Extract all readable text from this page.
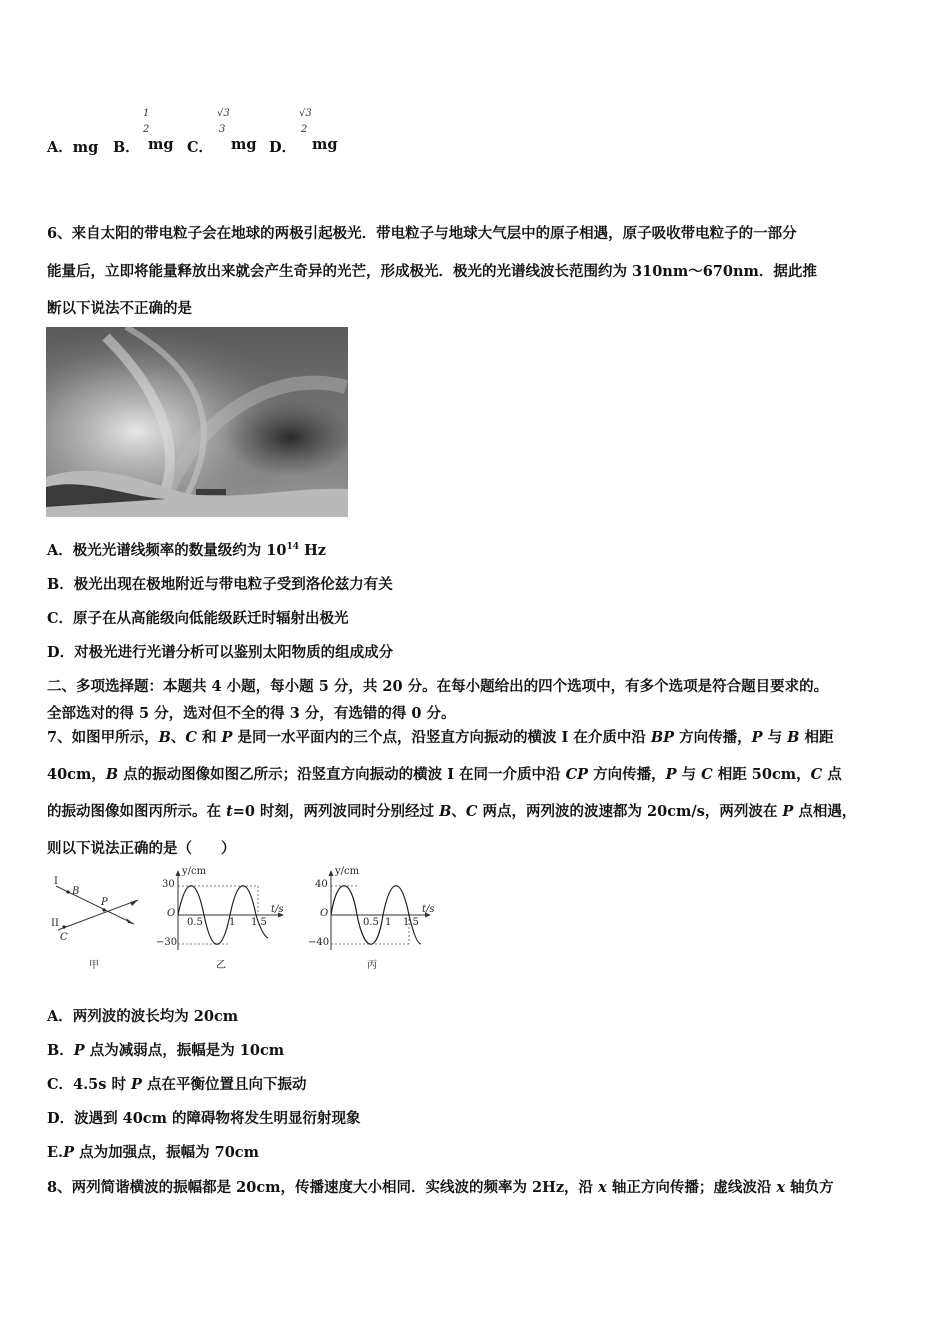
A．mg B．
1
2
mg C．
√3
3
mg D．
√3
2
mg
6、来自太阳的带电粒子会在地球的两极引起极光．带电粒子与地球大气层中的原子相遇，原子吸收带电粒子的一部分
能量后，立即将能量释放出来就会产生奇异的光芒，形成极光．极光的光谱线波长范围约为 310nm～670nm．据此推
断以下说法不正确的是
A．极光光谱线频率的数量级约为 $10^{14}$ Hz
B．极光出现在极地附近与带电粒子受到洛伦兹力有关
C．原子在从高能级向低能级跃迁时辐射出极光
D．对极光进行光谱分析可以鉴别太阳物质的组成成分
二、多项选择题：本题共 4 小题，每小题 5 分，共 20 分。在每小题给出的四个选项中，有多个选项是符合题目要求的。
全部选对的得 5 分，选对但不全的得 3 分，有选错的得 0 分。
7、如图甲所示，B、C 和 P 是同一水平面内的三个点，沿竖直方向振动的横波 I 在介质中沿 BP 方向传播，P 与 B 相距
40cm，B 点的振动图像如图乙所示；沿竖直方向振动的横波 I 在同一介质中沿 CP 方向传播，P 与 C 相距 50cm，C 点
的振动图像如图丙所示。在 t=0 时刻，两列波同时分别经过 B、C 两点，两列波的波速都为 20cm/s，两列波在 P 点相遇，
则以下说法正确的是（　　）
I
B
II
C
P
甲
y/cm
30
−30
O
0.5	1 1.5
t/s
乙
y/cm
40
−40
O
0.5 1 1.5
t/s
丙
A．两列波的波长均为 20cm
B．P 点为减弱点，振幅是为 10cm
C．4.5s 时 P 点在平衡位置且向下振动
D．波遇到 40cm 的障碍物将发生明显衍射现象
E.P 点为加强点，振幅为 70cm
8、两列简谐横波的振幅都是 20cm，传播速度大小相同．实线波的频率为 2Hz，沿 x 轴正方向传播；虚线波沿 x 轴负方
